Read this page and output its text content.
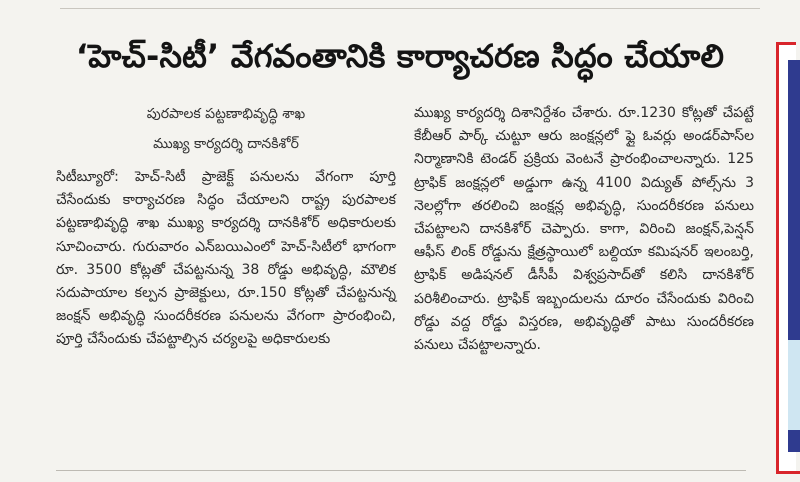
‘హెచ్‌-సిటీ’ వేగవంతానికి కార్యాచరణ సిద్ధం చేయాలి
పురపాలక పట్టణాభివృద్ధి శాఖ
ముఖ్య కార్యదర్శి దానకిశోర్‌
సిటీబ్యూరో: హెచ్‌-సిటీ ప్రాజెక్ట్‌ పనులను వేగంగా పూర్తి చేసేందుకు కార్యాచరణ సిద్ధం చేయాలని రాష్ట్ర పురపాలక పట్టణాభివృద్ధి శాఖ ముఖ్య కార్యదర్శి దానకిశోర్‌ అధికారులకు సూచించారు. గురువారం ఎన్‌బయిఎంలో హెచ్‌-సిటీలో భాగంగా రూ. 3500 కోట్లతో చేపట్టనున్న 38 రోడ్డు అభివృద్ధి, మౌలిక సదుపాయాల కల్పన ప్రాజెక్టులు, రూ.150 కోట్లతో చేపట్టనున్న జంక్షన్‌ అభివృద్ధి సుందరీకరణ పనులను వేగంగా ప్రారంభించి, పూర్తి చేసేందుకు చేపట్టాల్సిన చర్యలపై అధికారులకు
ముఖ్య కార్యదర్శి దిశానిర్దేశం చేశారు. రూ.1230 కోట్లతో చేపట్టే కేబీఆర్‌ పార్క్‌ చుట్టూ ఆరు జంక్షన్లలో ఫ్లై ఓవర్లు అండర్‌పాస్‌ల నిర్మాణానికి టెండర్‌ ప్రక్రియ వెంటనే ప్రారంభించాలన్నారు. 125 ట్రాఫిక్‌ జంక్షన్లలో అడ్డుగా ఉన్న 4100 విద్యుత్‌ పోల్స్‌ను 3 నెలల్లోగా తరలించి జంక్షన్ల అభివృద్ధి, సుందరీకరణ పనులు చేపట్టాలని దానకిశోర్‌ చెప్పారు. కాగా, విరించి జంక్షన్‌,పెన్షన్‌ ఆఫీస్‌ లింక్‌ రోడ్డును క్షేత్రస్థాయిలో బల్దియా కమిషనర్‌ ఇలంబర్తి, ట్రాఫిక్‌ అడిషనల్‌ డీసీపీ విశ్వప్రసాద్‌తో కలిసి దానకిశోర్‌ పరిశీలించారు. ట్రాఫిక్‌ ఇబ్బందులను దూరం చేసేందుకు విరించి రోడ్డు వద్ద రోడ్డు విస్తరణ, అభివృద్ధితో పాటు సుందరీకరణ పనులు చేపట్టాలన్నారు.
